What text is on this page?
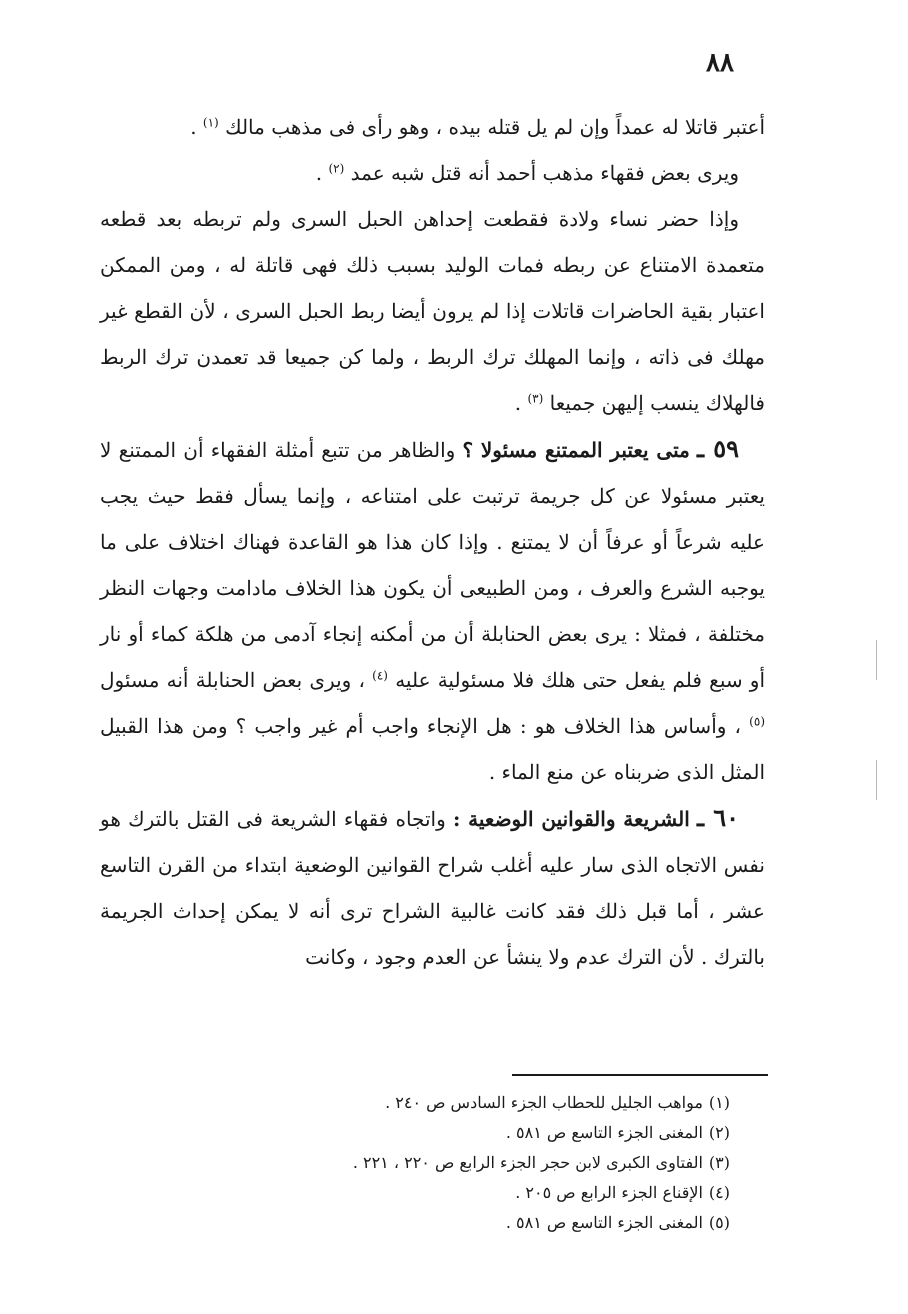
٨٨

أعتبر قاتلا له عمداً وإن لم يل قتله بيده ، وهو رأى فى مذهب مالك $^{(١)}$ .

ويرى بعض فقهاء مذهب أحمد أنه قتل شبه عمد $^{(٢)}$ .

وإذا حضر نساء ولادة فقطعت إحداهن الحبل السرى ولم تربطه بعد قطعه متعمدة الامتناع عن ربطه فمات الوليد بسبب ذلك فهى قاتلة له ، ومن الممكن اعتبار بقية الحاضرات قاتلات إذا لم يرون أيضا ربط الحبل السرى ، لأن القطع غير مهلك فى ذاته ، وإنما المهلك ترك الربط ، ولما كن جميعا قد تعمدن ترك الربط فالهلاك ينسب إليهن جميعا $^{(٣)}$ .

٥٩ ـ متى يعتبر الممتنع مسئولا ؟ والظاهر من تتبع أمثلة الفقهاء أن الممتنع لا يعتبر مسئولا عن كل جريمة ترتبت على امتناعه ، وإنما يسأل فقط حيث يجب عليه شرعاً أو عرفاً أن لا يمتنع . وإذا كان هذا هو القاعدة فهناك اختلاف على ما يوجبه الشرع والعرف ، ومن الطبيعى أن يكون هذا الخلاف مادامت وجهات النظر مختلفة ، فمثلا : يرى بعض الحنابلة أن من أمكنه إنجاء آدمى من هلكة كماء أو نار أو سبع فلم يفعل حتى هلك فلا مسئولية عليه $^{(٤)}$ ، ويرى بعض الحنابلة أنه مسئول $^{(٥)}$ ، وأساس هذا الخلاف هو : هل الإنجاء واجب أم غير واجب ؟ ومن هذا القبيل المثل الذى ضربناه عن منع الماء .

٦٠ ـ الشريعة والقوانين الوضعية : واتجاه فقهاء الشريعة فى القتل بالترك هو نفس الاتجاه الذى سار عليه أغلب شراح القوانين الوضعية ابتداء من القرن التاسع عشر ، أما قبل ذلك فقد كانت غالبية الشراح ترى أنه لا يمكن إحداث الجريمة بالترك . لأن الترك عدم ولا ينشأ عن العدم وجود ، وكانت

(١)مواهب الجليل للحطاب الجزء السادس ص ٢٤٠ .
(٢)المغنى الجزء التاسع ص ٥٨١ .
(٣)الفتاوى الكبرى لابن حجر الجزء الرابع ص ٢٢٠ ، ٢٢١ .
(٤)الإقناع الجزء الرابع ص ٢٠٥ .
(٥)المغنى الجزء التاسع ص ٥٨١ .
